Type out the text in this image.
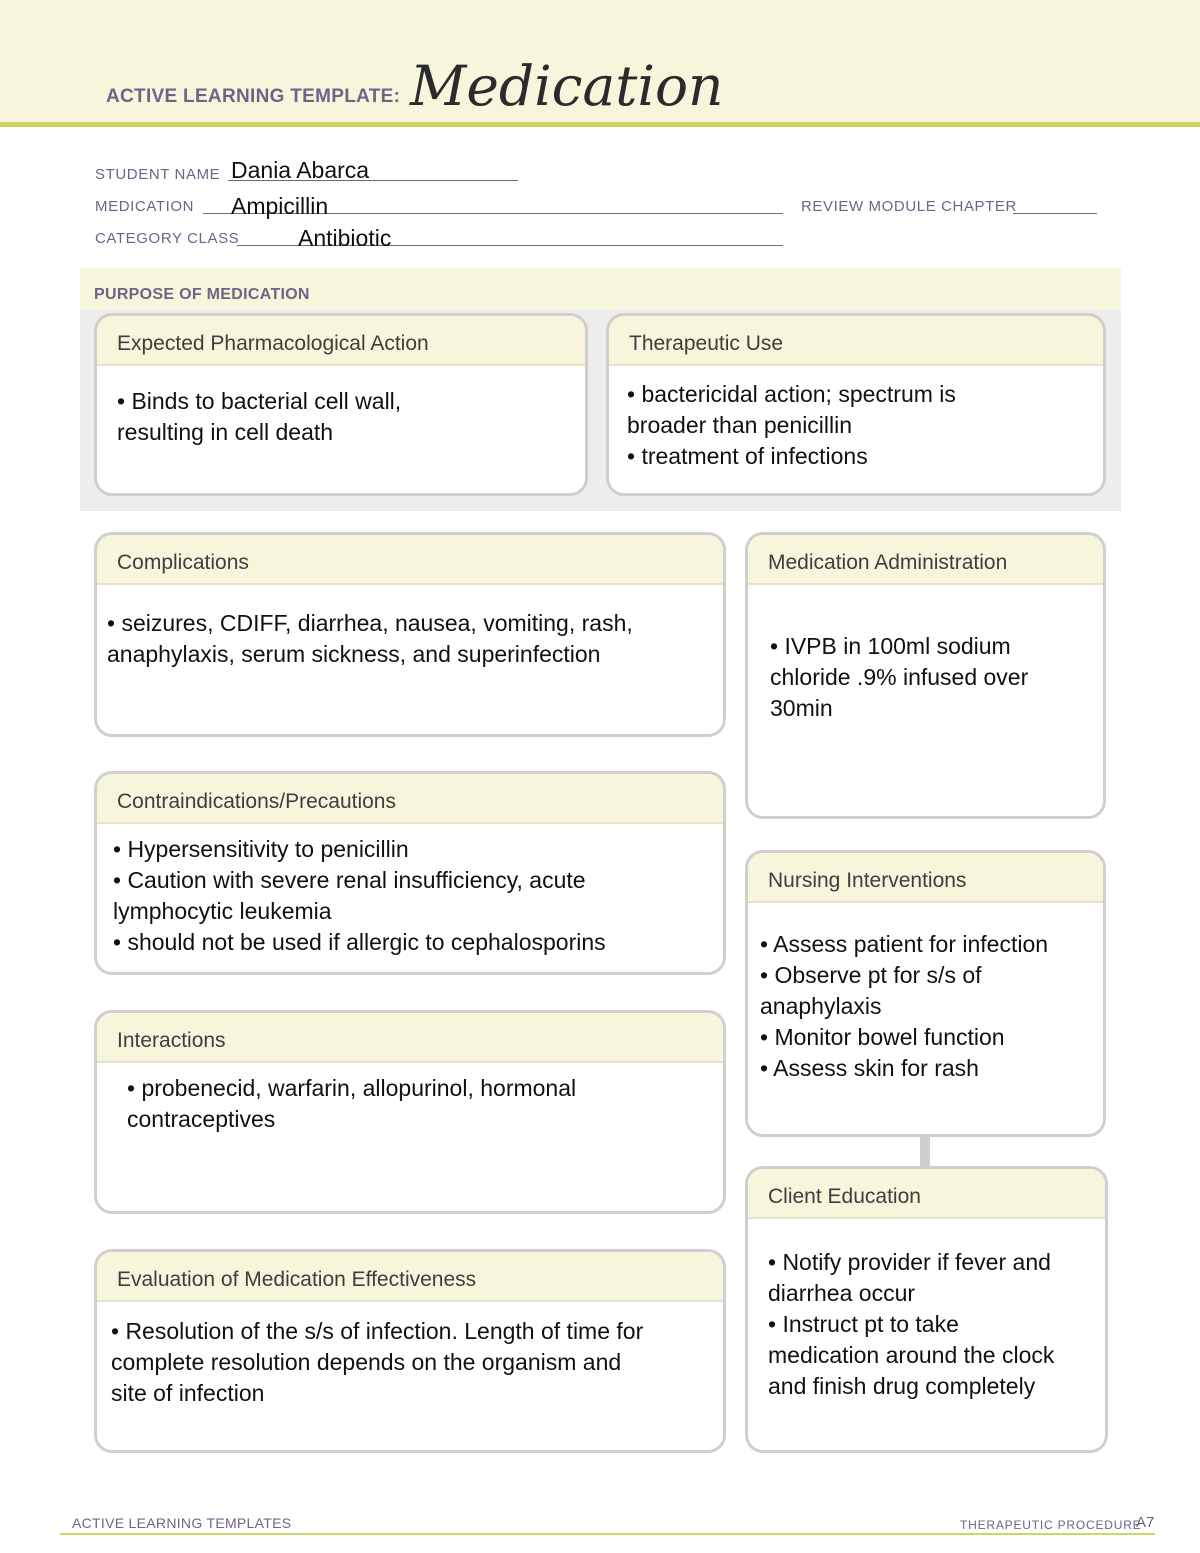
ACTIVE LEARNING TEMPLATE: Medication
STUDENT NAME Dania Abarca
MEDICATION Ampicillin	REVIEW MODULE CHAPTER
CATEGORY CLASS	Antibiotic
PURPOSE OF MEDICATION
Expected Pharmacological Action
• Binds to bacterial cell wall,
resulting in cell death
Therapeutic Use
• bactericidal action; spectrum is
broader than penicillin
• treatment of infections
Complications
• seizures, CDIFF, diarrhea, nausea, vomiting, rash,
anaphylaxis, serum sickness, and superinfection
Medication Administration
• IVPB in 100ml sodium
chloride .9% infused over
30min
Contraindications/Precautions
• Hypersensitivity to penicillin
• Caution with severe renal insufficiency, acute
lymphocytic leukemia
• should not be used if allergic to cephalosporins
Nursing Interventions
• Assess patient for infection
• Observe pt for s/s of
anaphylaxis
• Monitor bowel function
• Assess skin for rash
Interactions
• probenecid, warfarin, allopurinol, hormonal
contraceptives
Client Education
• Notify provider if fever and
diarrhea occur
• Instruct pt to take
medication around the clock
and finish drug completely
Evaluation of Medication Effectiveness
• Resolution of the s/s of infection. Length of time for
complete resolution depends on the organism and
site of infection
ACTIVE LEARNING TEMPLATES	THERAPEUTIC PROCEDURE
A7
